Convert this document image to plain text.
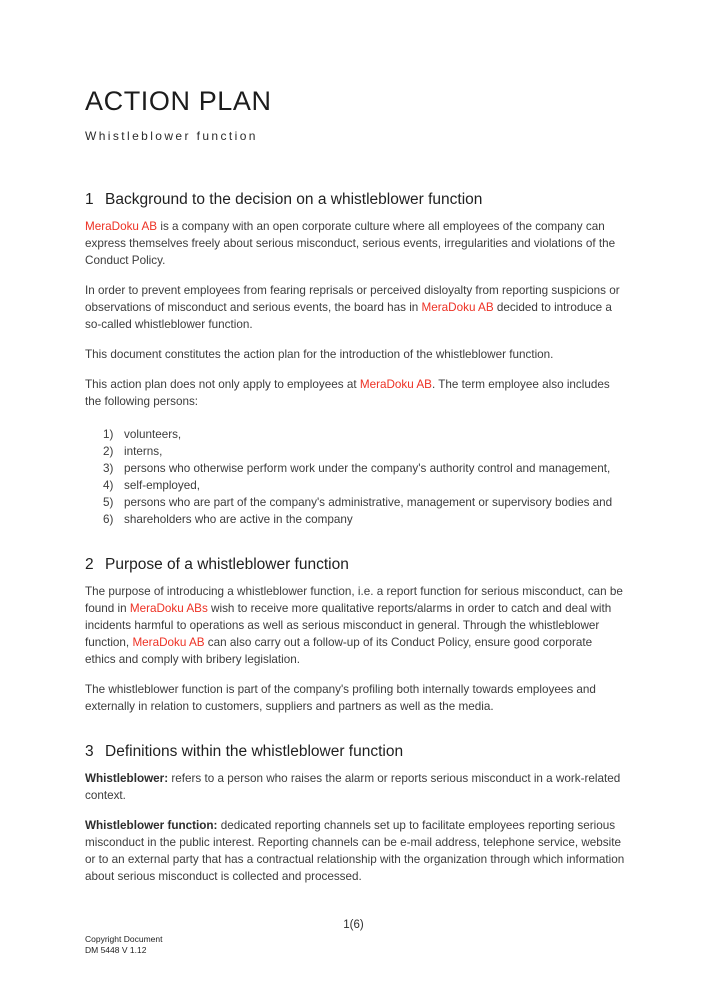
ACTION PLAN
Whistleblower function
1 Background to the decision on a whistleblower function

MeraDoku AB is a company with an open corporate culture where all employees of the company can express themselves freely about serious misconduct, serious events, irregularities and violations of the Conduct Policy.

In order to prevent employees from fearing reprisals or perceived disloyalty from reporting suspicions or observations of misconduct and serious events, the board has in MeraDoku AB decided to introduce a so-called whistleblower function.

This document constitutes the action plan for the introduction of the whistleblower function.

This action plan does not only apply to employees at MeraDoku AB. The term employee also includes the following persons:

1) volunteers,
2) interns,
3) persons who otherwise perform work under the company's authority control and management,
4) self-employed,
5) persons who are part of the company's administrative, management or supervisory bodies and
6) shareholders who are active in the company
2 Purpose of a whistleblower function

The purpose of introducing a whistleblower function, i.e. a report function for serious misconduct, can be found in MeraDoku ABs wish to receive more qualitative reports/alarms in order to catch and deal with incidents harmful to operations as well as serious misconduct in general. Through the whistleblower function, MeraDoku AB can also carry out a follow-up of its Conduct Policy, ensure good corporate ethics and comply with bribery legislation.

The whistleblower function is part of the company's profiling both internally towards employees and externally in relation to customers, suppliers and partners as well as the media.

3 Definitions within the whistleblower function

Whistleblower: refers to a person who raises the alarm or reports serious misconduct in a work-related context.

Whistleblower function: dedicated reporting channels set up to facilitate employees reporting serious misconduct in the public interest. Reporting channels can be e-mail address, telephone service, website or to an external party that has a contractual relationship with the organization through which information about serious misconduct is collected and processed.

1(6)
Copyright Document
DM 5448 V 1.12
